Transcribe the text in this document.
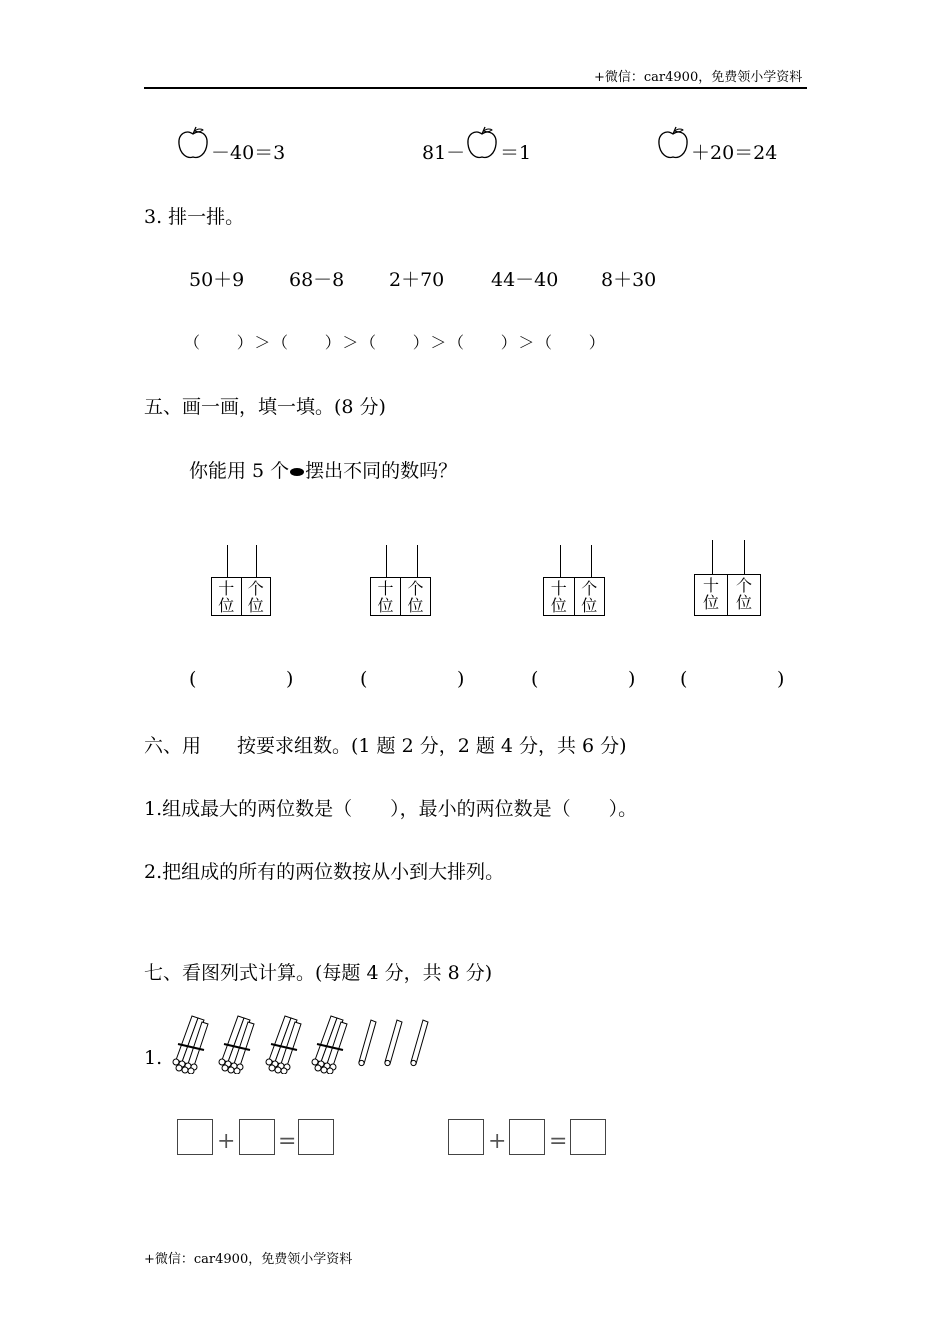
+微信：car4900，免费领小学资料
－40＝3	81－ ＝1	＋20＝24
3. 排一排。
50＋9 68－8 2＋70 44－40 8＋30
（　　）＞（　　）＞（　　）＞（　　）＞（　　）
五、画一画，填一填。(8 分)
你能用 5 个 摆出不同的数吗？
十
位
个
位
十
位
个
位
十
位
个
位
十
位
个
位
(	)	(	)	(	) (	)
六、用 按要求组数。(1 题 2 分，2 题 4 分，共 6 分)
1.组成最大的两位数是（　　），最小的两位数是（　　）。
2.把组成的所有的两位数按从小到大排列。
七、看图列式计算。(每题 4 分，共 8 分)
1.
+ =	+ =
+微信：car4900，免费领小学资料
